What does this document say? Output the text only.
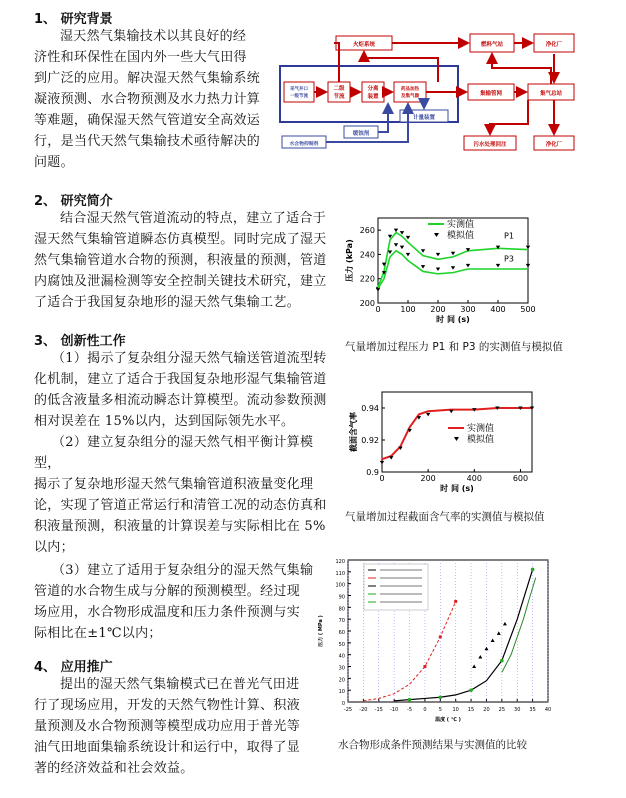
1、 研究背景
湿天然气集输技术以其良好的经
济性和环保性在国内外一些大气田得
到广泛的应用。解决湿天然气集输系统
凝液预测、水合物预测及水力热力计算
等难题，确保湿天然气管道安全高效运
行，是当代天然气集输技术亟待解决的
问题。
火炬系统	燃料气站	净化厂
采气井口
一级节流
二级
节流
分离
装置
药品加热
及集气器	集输管网	集气总站
计量装置
缓蚀剂
水合物抑制剂	污水处理回注	净化厂
2、 研究简介
结合湿天然气管道流动的特点，建立了适合于
湿天然气集输管道瞬态仿真模型。同时完成了湿天
然气集输管道水合物的预测，积液量的预测，管道
内腐蚀及泄漏检测等安全控制关键技术研究，建立
了适合于我国复杂地形的湿天然气集输工艺。
3、 创新性工作
（1）揭示了复杂组分湿天然气输送管道流型转
化机制，建立了适合于我国复杂地形湿气集输管道
的低含液量多相流动瞬态计算模型。流动参数预测
相对误差在 15%以内，达到国际领先水平。
（2）建立复杂组分的湿天然气相平衡计算模型，
揭示了复杂地形湿天然气集输管道积液量变化理
论，实现了管道正常运行和清管工况的动态仿真和
积液量预测，积液量的计算误差与实际相比在 5%
以内；
（3）建立了适用于复杂组分的湿天然气集输
管道的水合物生成与分解的预测模型。经过现
场应用，水合物形成温度和压力条件预测与实
际相比在±1℃以内；
4、 应用推广
提出的湿天然气集输模式已在普光气田进
行了现场应用，开发的天然气物性计算、积液
量预测及水合物预测等模型成功应用于普光等
油气田地面集输系统设计和运行中，取得了显
著的经济效益和社会效益。
0 100 200 300 400 500
200
220
240
260
时 间 (s)
压力 (kPa)
P1
P3
实测值
模拟值
气量增加过程压力 P1 和 P3 的实测值与模拟值
0	200	400	600
0.9
0.92
0.94
时 间 (s)
截面含气率	实测值
模拟值
气量增加过程截面含气率的实测值与模拟值
-25 -20 -15 -10 -5 0 5 10 15 20 25 30 35 40
0
10
20
30
40
50
60
70
80
90
100
110
120
温度 ( ℃ )
压力 ( MPa )
水合物形成条件预测结果与实测值的比较
